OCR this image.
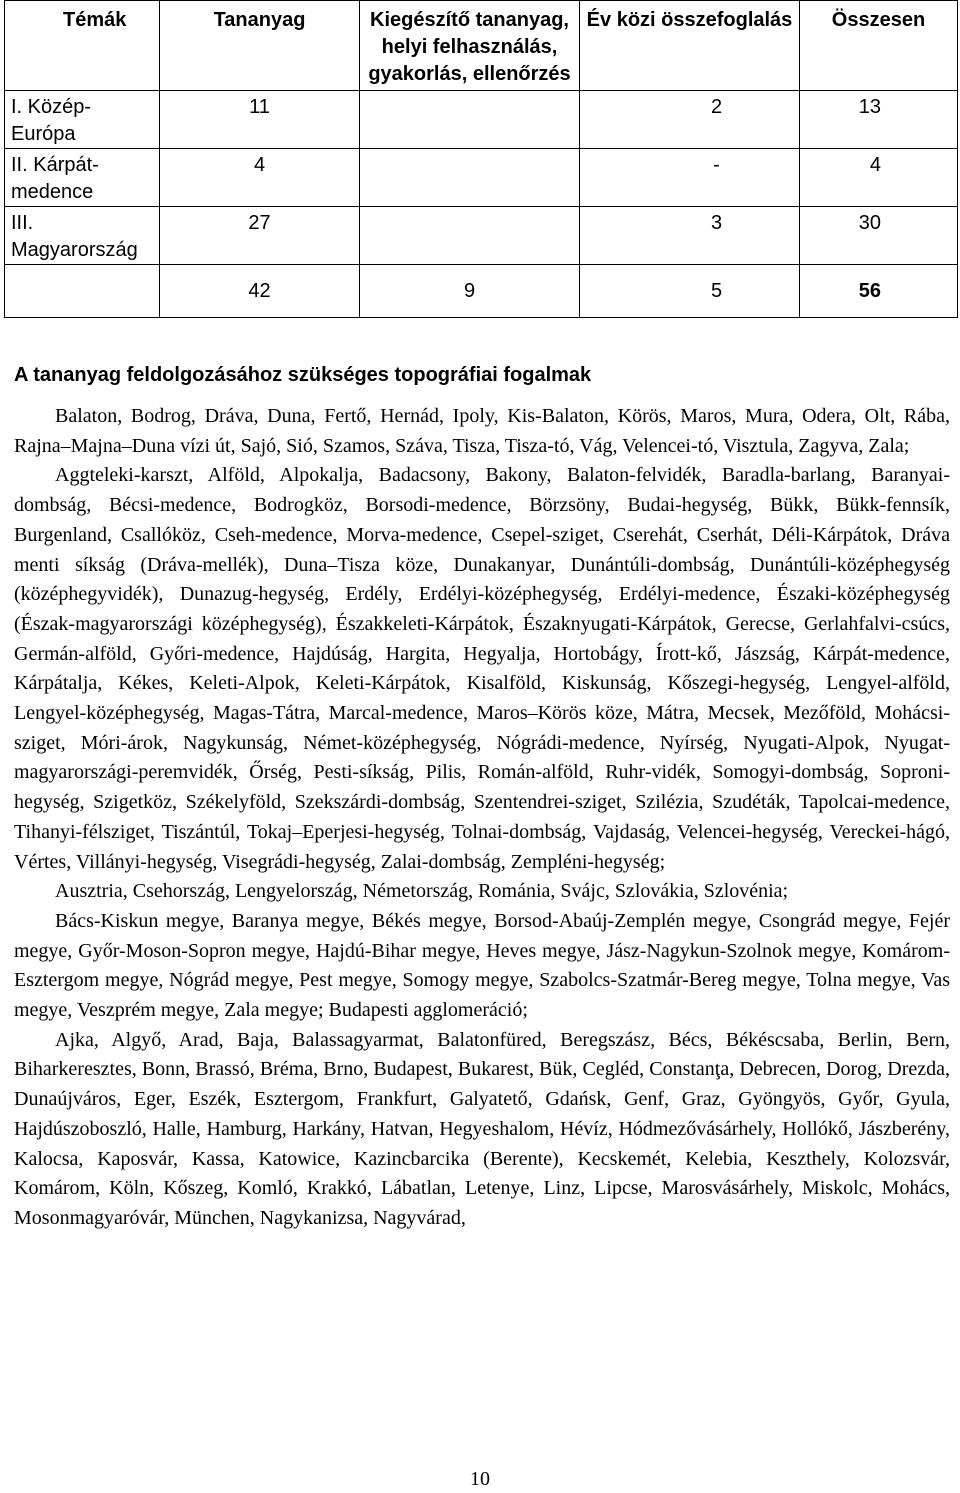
Témák	Tananyag	Kiegészítő tananyag, helyi felhasználás, gyakorlás, ellenőrzés	Év közi összefoglalás	Összesen
I. Közép-Európa	11		2	13
II. Kárpát-medence	4		-	4
III. Magyarország	27		3	30
	42	9	5	56
A tananyag feldolgozásához szükséges topográfiai fogalmak

Balaton, Bodrog, Dráva, Duna, Fertő, Hernád, Ipoly, Kis-Balaton, Körös, Maros, Mura, Odera, Olt, Rába, Rajna–Majna–Duna vízi út, Sajó, Sió, Szamos, Száva, Tisza, Tisza-tó, Vág, Velencei-tó, Visztula, Zagyva, Zala;

Aggteleki-karszt, Alföld, Alpokalja, Badacsony, Bakony, Balaton-felvidék, Baradla-barlang, Baranyai-dombság, Bécsi-medence, Bodrogköz, Borsodi-medence, Börzsöny, Budai-hegység, Bükk, Bükk-fennsík, Burgenland, Csallóköz, Cseh-medence, Morva-medence, Csepel-sziget, Cserehát, Cserhát, Déli-Kárpátok, Dráva menti síkság (Dráva-mellék), Duna–Tisza köze, Dunakanyar, Dunántúli-dombság, Dunántúli-középhegység (középhegyvidék), Dunazug-hegység, Erdély, Erdélyi-középhegység, Erdélyi-medence, Északi-középhegység (Észak-magyarországi középhegység), Északkeleti-Kárpátok, Északnyugati-Kárpátok, Gerecse, Gerlahfalvi-csúcs, Germán-alföld, Győri-medence, Hajdúság, Hargita, Hegyalja, Hortobágy, Írott-kő, Jászság, Kárpát-medence, Kárpátalja, Kékes, Keleti-Alpok, Keleti-Kárpátok, Kisalföld, Kiskunság, Kőszegi-hegység, Lengyel-alföld, Lengyel-középhegység, Magas-Tátra, Marcal-medence, Maros–Körös köze, Mátra, Mecsek, Mezőföld, Mohácsi-sziget, Móri-árok, Nagykunság, Német-középhegység, Nógrádi-medence, Nyírség, Nyugati-Alpok, Nyugat-magyarországi-peremvidék, Őrség, Pesti-síkság, Pilis, Román-alföld, Ruhr-vidék, Somogyi-dombság, Soproni-hegység, Szigetköz, Székelyföld, Szekszárdi-dombság, Szentendrei-sziget, Szilézia, Szudéták, Tapolcai-medence, Tihanyi-félsziget, Tiszántúl, Tokaj–Eperjesi-hegység, Tolnai-dombság, Vajdaság, Velencei-hegység, Vereckei-hágó, Vértes, Villányi-hegység, Visegrádi-hegység, Zalai-dombság, Zempléni-hegység;

Ausztria, Csehország, Lengyelország, Németország, Románia, Svájc, Szlovákia, Szlovénia;

Bács-Kiskun megye, Baranya megye, Békés megye, Borsod-Abaúj-Zemplén megye, Csongrád megye, Fejér megye, Győr-Moson-Sopron megye, Hajdú-Bihar megye, Heves megye, Jász-Nagykun-Szolnok megye, Komárom-Esztergom megye, Nógrád megye, Pest megye, Somogy megye, Szabolcs-Szatmár-Bereg megye, Tolna megye, Vas megye, Veszprém megye, Zala megye; Budapesti agglomeráció;

Ajka, Algyő, Arad, Baja, Balassagyarmat, Balatonfüred, Beregszász, Bécs, Békéscsaba, Berlin, Bern, Biharkeresztes, Bonn, Brassó, Bréma, Brno, Budapest, Bukarest, Bük, Cegléd, Constanţa, Debrecen, Dorog, Drezda, Dunaújváros, Eger, Eszék, Esztergom, Frankfurt, Galyatető, Gdańsk, Genf, Graz, Gyöngyös, Győr, Gyula, Hajdúszoboszló, Halle, Hamburg, Harkány, Hatvan, Hegyeshalom, Hévíz, Hódmezővásárhely, Hollókő, Jászberény, Kalocsa, Kaposvár, Kassa, Katowice, Kazincbarcika (Berente), Kecskemét, Kelebia, Keszthely, Kolozsvár, Komárom, Köln, Kőszeg, Komló, Krakkó, Lábatlan, Letenye, Linz, Lipcse, Marosvásárhely, Miskolc, Mohács, Mosonmagyaróvár, München, Nagykanizsa, Nagyvárad,

10
